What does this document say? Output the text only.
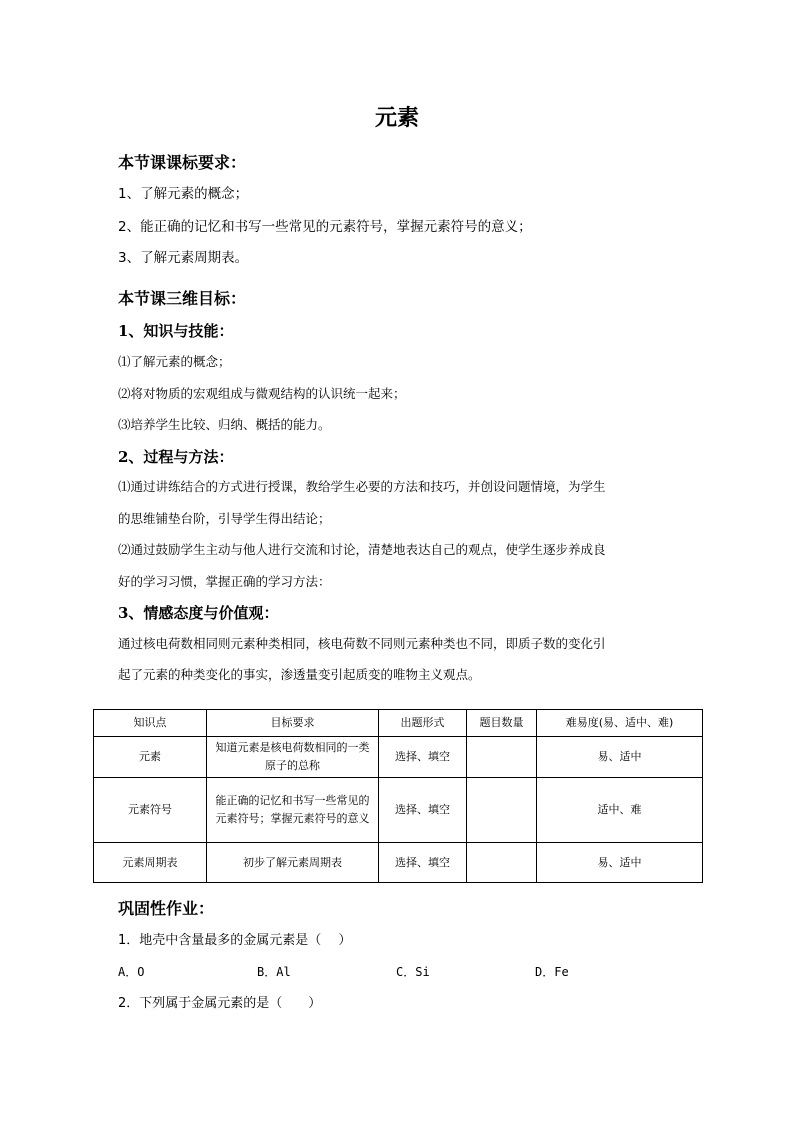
元素
本节课课标要求：
1、了解元素的概念；
2、能正确的记忆和书写一些常见的元素符号，掌握元素符号的意义；
3、了解元素周期表。
本节课三维目标：
1、知识与技能：
⑴了解元素的概念；
⑵将对物质的宏观组成与微观结构的认识统一起来；
⑶培养学生比较、归纳、概括的能力。
2、过程与方法：
⑴通过讲练结合的方式进行授课，教给学生必要的方法和技巧，并创设问题情境，为学生
的思维铺垫台阶，引导学生得出结论；
⑵通过鼓励学生主动与他人进行交流和讨论，清楚地表达自己的观点，使学生逐步养成良
好的学习习惯，掌握正确的学习方法：
3、情感态度与价值观：
通过核电荷数相同则元素种类相同，核电荷数不同则元素种类也不同，即质子数的变化引
起了元素的种类变化的事实，渗透量变引起质变的唯物主义观点。
知识点	目标要求	出题形式	题目数量	难易度(易、适中、难)
元素	知道元素是核电荷数相同的一类原子的总称	选择、填空		易、适中
元素符号	能正确的记忆和书写一些常见的元素符号；掌握元素符号的意义	选择、填空		适中、难
元素周期表	初步了解元素周期表	选择、填空		易、适中
巩固性作业：
1．地壳中含量最多的金属元素是（　 ）
A．O	B．Al	C．Si	D．Fe
2．下列属于金属元素的是（　　）
